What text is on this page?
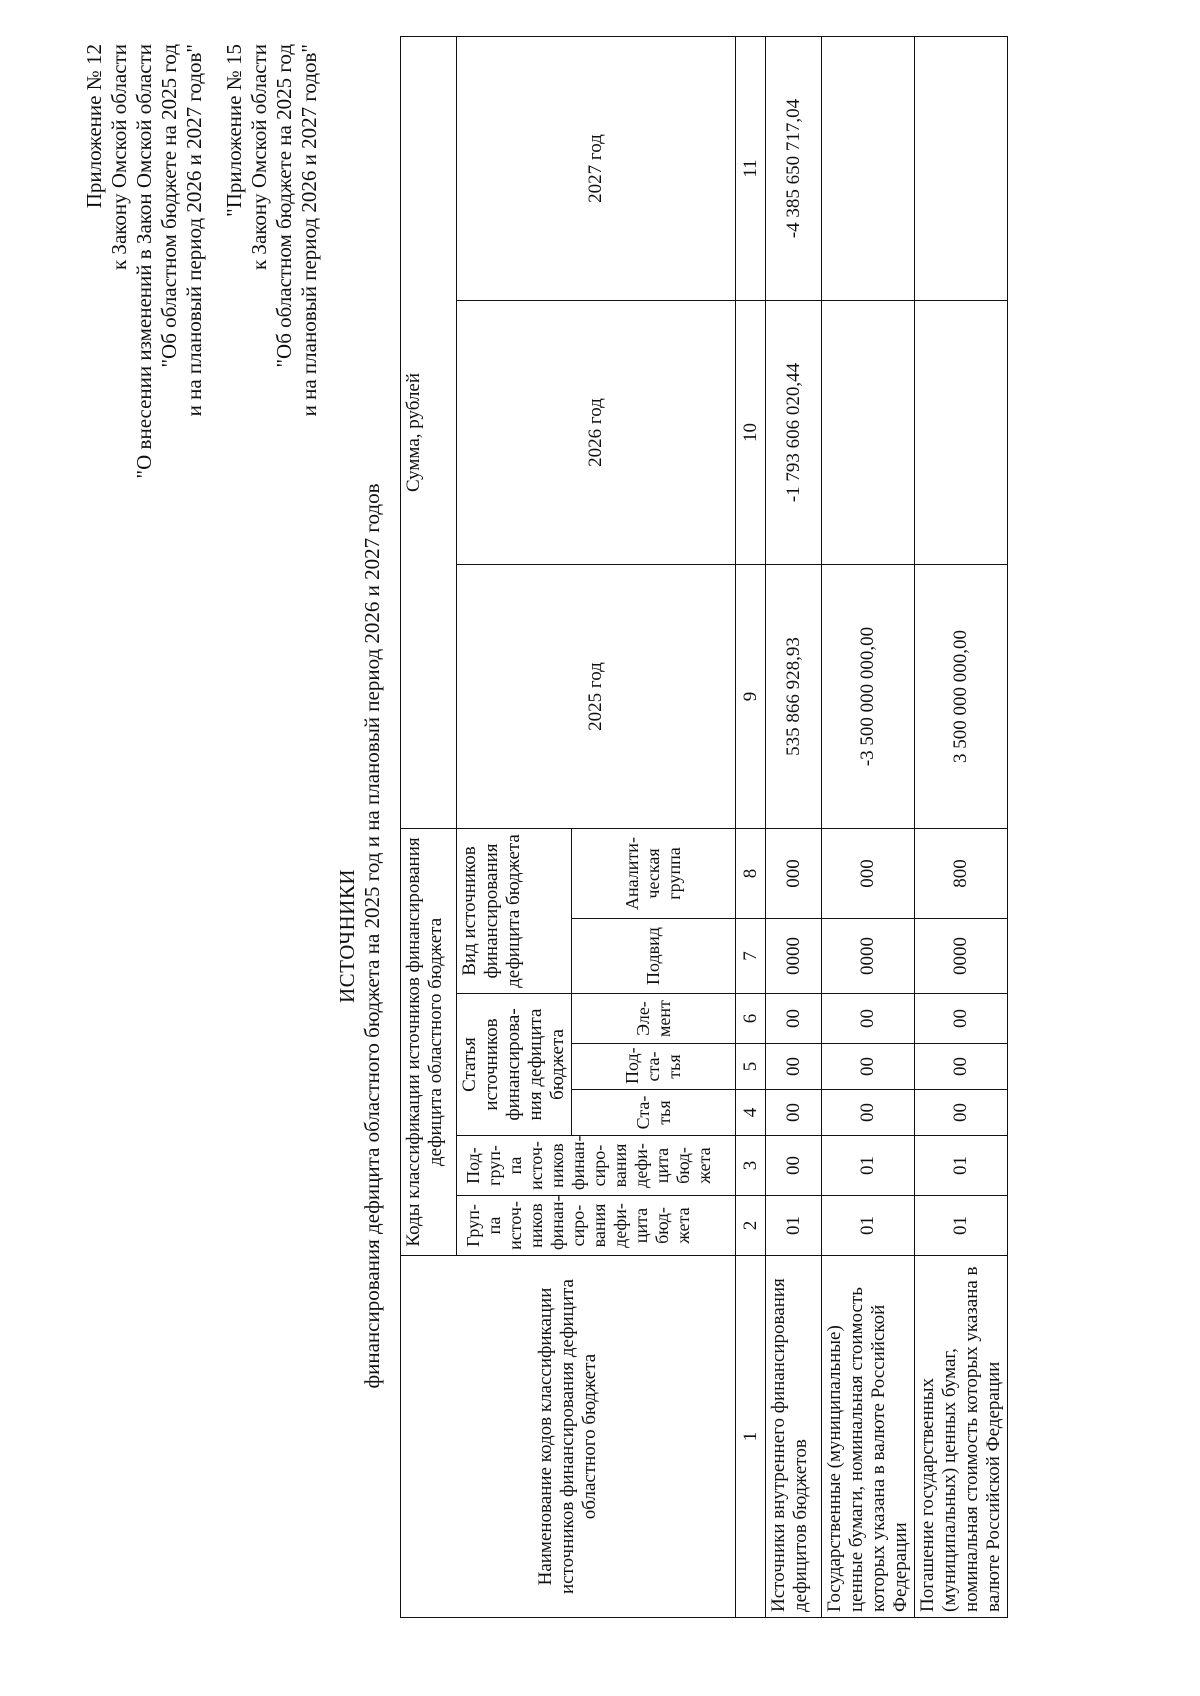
Приложение № 12 к Закону Омской области "О внесении изменений в Закон Омской области "Об областном бюджете на 2025 год и на плановый период 2026 и 2027 годов" "Приложение № 15 к Закону Омской области "Об областном бюджете на 2025 год и на плановый период 2026 и 2027 годов"
ИСТОЧНИКИ финансирования дефицита областного бюджета на 2025 год и на плановый период 2026 и 2027 годов
Наименование кодов классификации источников финансирования дефицита областного бюджета	Коды классификации источников финансирования дефицита областного бюджета							Сумма, рублей		
	Груп-па источ-ников финан-сиро-вания дефи-цита бюд-жета	Под-груп-па источ-ников финан-сиро-вания дефи-цита бюд-жета	Статья источников финансирова-ния дефицита бюджета			Вид источников финансирования дефицита бюджета		2025 год	2026 год	2027 год
			Ста-тья	Под-ста-тья	Эле-мент	Подвид	Аналити-ческая группа			

1	2	3	4	5	6	7	8	9	10	11
Источники внутреннего финансирования дефицитов бюджетов	01	00	00	00	00	0000	000	535 866 928,93	-1 793 606 020,44	-4 385 650 717,04
Государственные (муниципальные) ценные бумаги, номинальная стоимость которых указана в валюте Российской Федерации	01	01	00	00	00	0000	000	-3 500 000 000,00		
Погашение государственных (муниципальных) ценных бумаг, номинальная стоимость которых указана в валюте Российской Федерации	01	01	00	00	00	0000	800	3 500 000 000,00		
